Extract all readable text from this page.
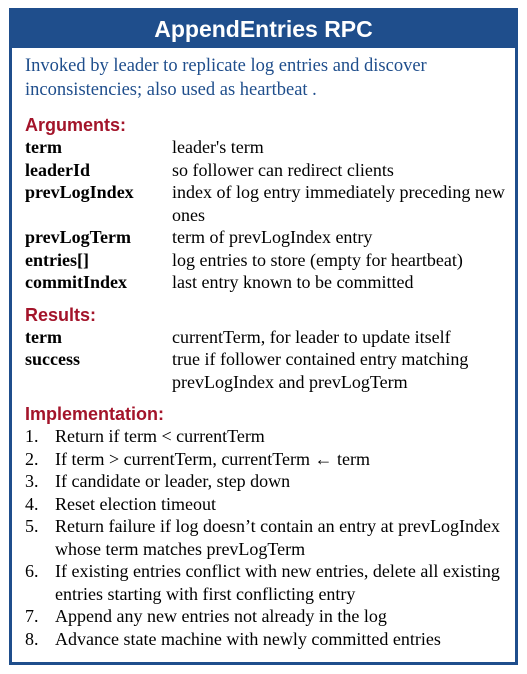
AppendEntries RPC

Invoked by leader to replicate log entries and discover inconsistencies; also used as heartbeat .

Arguments:

term	leader's term
leaderId	so follower can redirect clients
prevLogIndex	index of log entry immediately preceding new ones
prevLogTerm	term of prevLogIndex entry
entries[]	log entries to store (empty for heartbeat)
commitIndex	last entry known to be committed

Results:

term	currentTerm, for leader to update itself
success	true if follower contained entry matching prevLogIndex and prevLogTerm

Implementation:

1. Return if term < currentTerm
2. If term > currentTerm, currentTerm ← term
3. If candidate or leader, step down
4. Reset election timeout
5. Return failure if log doesn’t contain an entry at prevLogIndex whose term matches prevLogTerm
6. If existing entries conflict with new entries, delete all existing entries starting with first conflicting entry
7. Append any new entries not already in the log
8. Advance state machine with newly committed entries
